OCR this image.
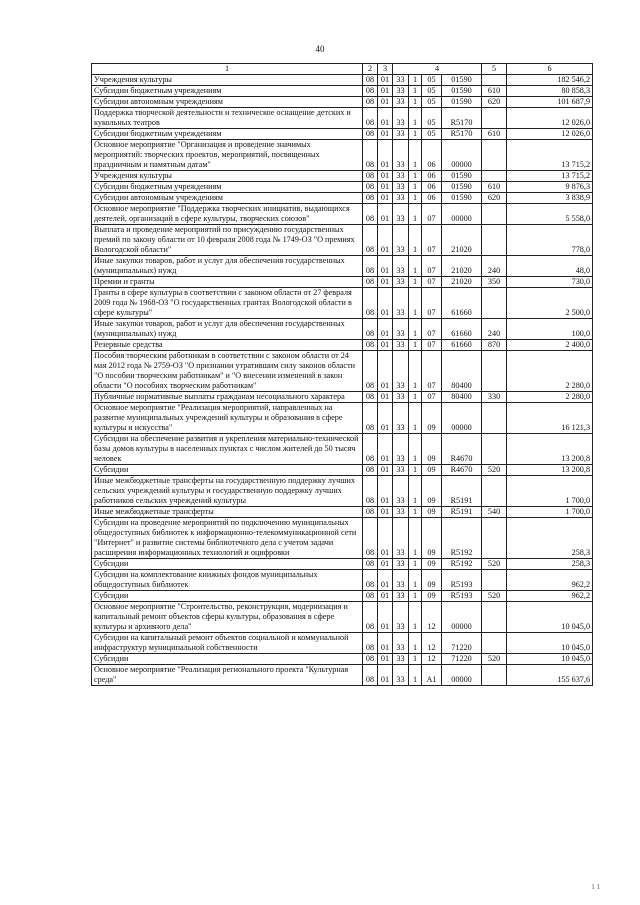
40
1	2	3	4				5	6
Учреждения культуры	08	01	33	1	05	01590		182 546,2
Субсидии бюджетным учреждениям	08	01	33	1	05	01590	610	80 858,3
Субсидии автономным учреждениям	08	01	33	1	05	01590	620	101 687,9
Поддержка творческой деятельности и техническое оснащение детских и кукольных театров	08	01	33	1	05	R5170		12 026,0
Субсидии бюджетным учреждениям	08	01	33	1	05	R5170	610	12 026,0
Основное мероприятие "Организация и проведение значимых мероприятий: творческих проектов, мероприятий, посвященных праздничным и памятным датам"	08	01	33	1	06	00000		13 715,2
Учреждения культуры	08	01	33	1	06	01590		13 715,2
Субсидии бюджетным учреждениям	08	01	33	1	06	01590	610	9 876,3
Субсидии автономным учреждениям	08	01	33	1	06	01590	620	3 838,9
Основное мероприятие "Поддержка творческих инициатив, выдающихся деятелей, организаций в сфере культуры, творческих союзов"	08	01	33	1	07	00000		5 558,0
Выплата и проведение мероприятий по присуждению государственных премий по закону области от 10 февраля 2008 года № 1749-ОЗ "О премиях Вологодской области"	08	01	33	1	07	21020		778,0
Иные закупки товаров, работ и услуг для обеспечения государственных (муниципальных) нужд	08	01	33	1	07	21020	240	48,0
Премии и гранты	08	01	33	1	07	21020	350	730,0
Гранты в сфере культуры в соответствии с законом области от 27 февраля 2009 года № 1968-ОЗ "О государственных грантах Вологодской области в сфере культуры"	08	01	33	1	07	61660		2 500,0
Иные закупки товаров, работ и услуг для обеспечения государственных (муниципальных) нужд	08	01	33	1	07	61660	240	100,0
Резервные средства	08	01	33	1	07	61660	870	2 400,0
Пособия творческим работникам в соответствии с законом области от 24 мая 2012 года № 2759-ОЗ "О признании утратившим силу законов области "О пособии творческим работникам" и "О внесении изменений в закон области "О пособиях творческим работникам"	08	01	33	1	07	80400		2 280,0
Публичные нормативные выплаты гражданам несоциального характера	08	01	33	1	07	80400	330	2 280,0
Основное мероприятие "Реализация мероприятий, направленных на развитие муниципальных учреждений культуры и образования в сфере культуры и искусства"	08	01	33	1	09	00000		16 121,3
Субсидии на обеспечение развития и укрепления материально-технической базы домов культуры в населенных пунктах с числом жителей до 50 тысяч человек	08	01	33	1	09	R4670		13 200,8
Субсидии	08	01	33	1	09	R4670	520	13 200,8
Иные межбюджетные трансферты на государственную поддержку лучших сельских учреждений культуры и государственную поддержку лучших работников сельских учреждений культуры	08	01	33	1	09	R5191		1 700,0
Иные межбюджетные трансферты	08	01	33	1	09	R5191	540	1 700,0
Субсидии на проведение мероприятий по подключению муниципальных общедоступных библиотек к информационно-телекоммуникационной сети "Интернет" и развитие системы библиотечного дела с учетом задачи расширения информационных технологий и оцифровки	08	01	33	1	09	R5192		258,3
Субсидии	08	01	33	1	09	R5192	520	258,3
Субсидии на комплектование книжных фондов муниципальных общедоступных библиотек	08	01	33	1	09	R5193		962,2
Субсидии	08	01	33	1	09	R5193	520	962,2
Основное мероприятие "Строительство, реконструкция, модернизация и капитальный ремонт объектов сферы культуры, образования в сфере культуры и архивного дела"	08	01	33	1	12	00000		10 045,0
Субсидии на капитальный ремонт объектов социальной и коммунальной инфраструктур муниципальной собственности	08	01	33	1	12	71220		10 045,0
Субсидии	08	01	33	1	12	71220	520	10 045,0
Основное мероприятие "Реализация регионального проекта "Культурная среда"	08	01	33	1	A1	00000		155 637,6
1 1
